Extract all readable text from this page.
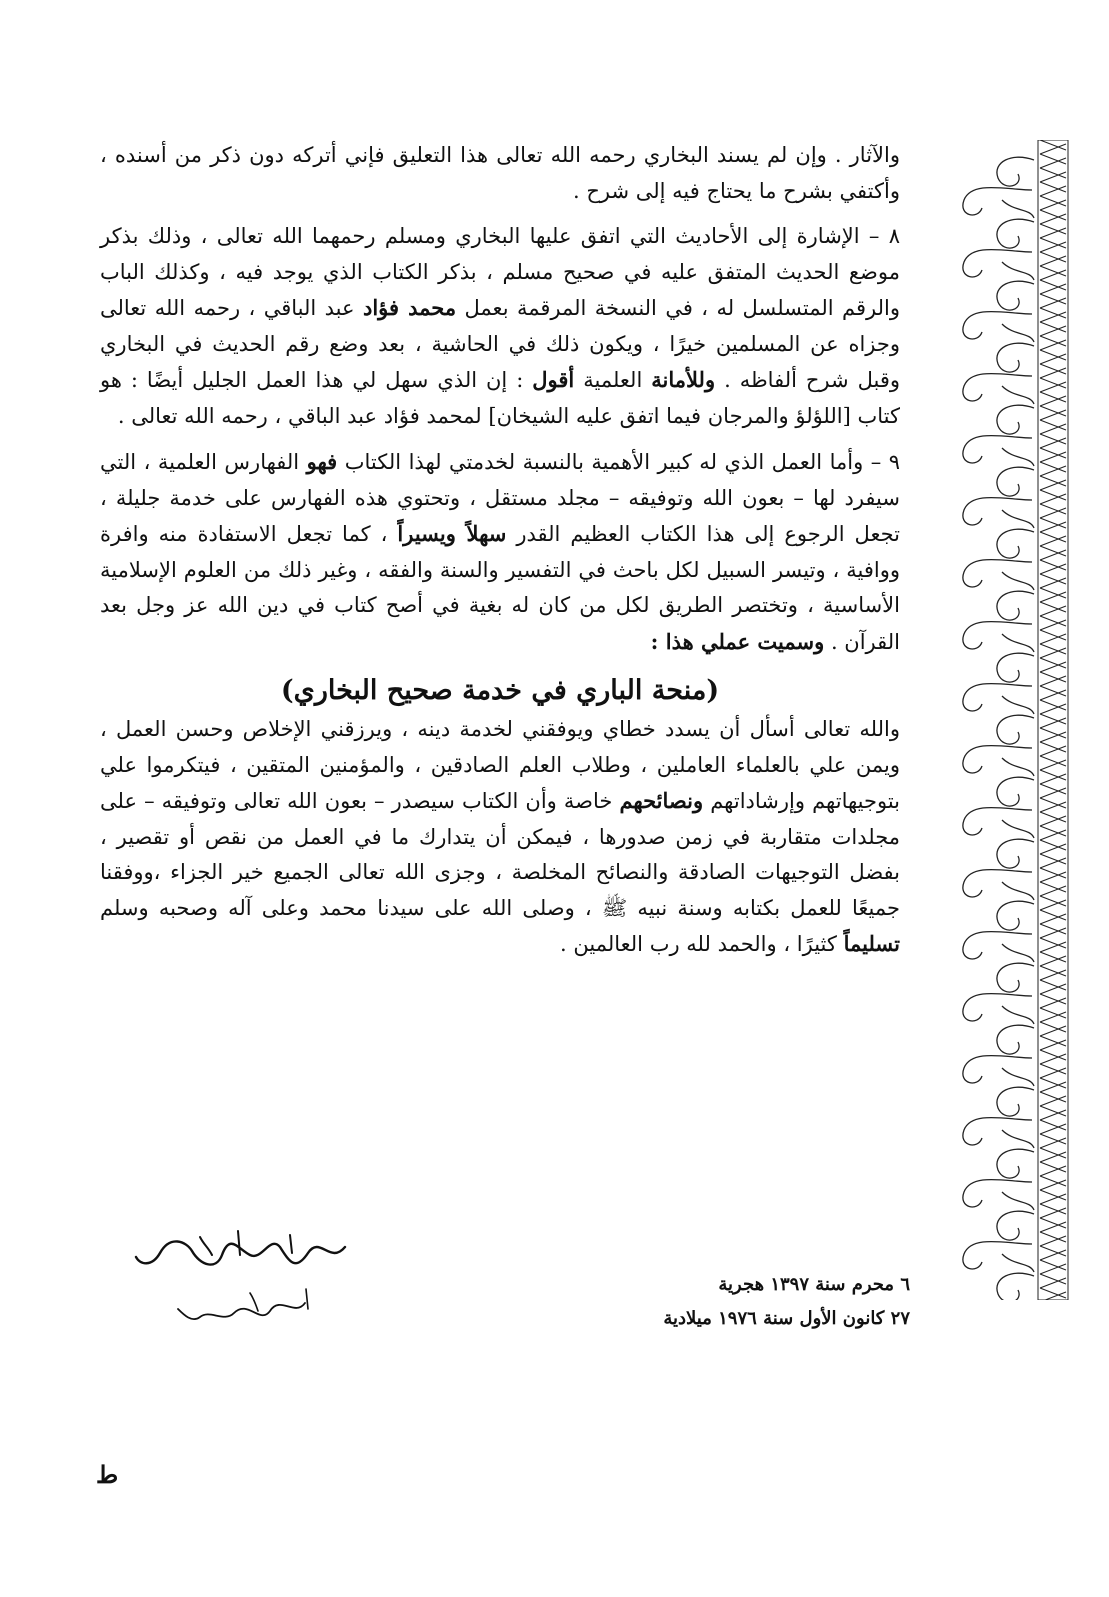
والآثار . وإن لم يسند البخاري رحمه الله تعالى هذا التعليق فإني أتركه دون ذكر من أسنده ، وأكتفي بشرح ما يحتاج فيه إلى شرح .

٨ – الإشارة إلى الأحاديث التي اتفق عليها البخاري ومسلم رحمهما الله تعالى ، وذلك بذكر موضع الحديث المتفق عليه في صحيح مسلم ، بذكر الكتاب الذي يوجد فيه ، وكذلك الباب والرقم المتسلسل له ، في النسخة المرقمة بعمل محمد فؤاد عبد الباقي ، رحمه الله تعالى وجزاه عن المسلمين خيرًا ، ويكون ذلك في الحاشية ، بعد وضع رقم الحديث في البخاري وقبل شرح ألفاظه . وللأمانة العلمية أقول : إن الذي سهل لي هذا العمل الجليل أيضًا : هو كتاب [اللؤلؤ والمرجان فيما اتفق عليه الشيخان] لمحمد فؤاد عبد الباقي ، رحمه الله تعالى .

٩ – وأما العمل الذي له كبير الأهمية بالنسبة لخدمتي لهذا الكتاب فهو الفهارس العلمية ، التي سيفرد لها – بعون الله وتوفيقه – مجلد مستقل ، وتحتوي هذه الفهارس على خدمة جليلة ، تجعل الرجوع إلى هذا الكتاب العظيم القدر سهلاً ويسيراً ، كما تجعل الاستفادة منه وافرة ووافية ، وتيسر السبيل لكل باحث في التفسير والسنة والفقه ، وغير ذلك من العلوم الإسلامية الأساسية ، وتختصر الطريق لكل من كان له بغية في أصح كتاب في دين الله عز وجل بعد القرآن . وسميت عملي هذا :

(منحة الباري في خدمة صحيح البخاري)

والله تعالى أسأل أن يسدد خطاي ويوفقني لخدمة دينه ، ويرزقني الإخلاص وحسن العمل ، ويمن علي بالعلماء العاملين ، وطلاب العلم الصادقين ، والمؤمنين المتقين ، فيتكرموا علي بتوجيهاتهم وإرشاداتهم ونصائحهم خاصة وأن الكتاب سيصدر – بعون الله تعالى وتوفيقه – على مجلدات متقاربة في زمن صدورها ، فيمكن أن يتدارك ما في العمل من نقص أو تقصير ، بفضل التوجيهات الصادقة والنصائح المخلصة ، وجزى الله تعالى الجميع خير الجزاء ،ووفقنا جميعًا للعمل بكتابه وسنة نبيه ﷺ ، وصلى الله على سيدنا محمد وعلى آله وصحبه وسلم تسليماً كثيرًا ، والحمد لله رب العالمين .

٦ محرم سنة ١٣٩٧ هجرية
٢٧ كانون الأول سنة ١٩٧٦ ميلادية
ط
